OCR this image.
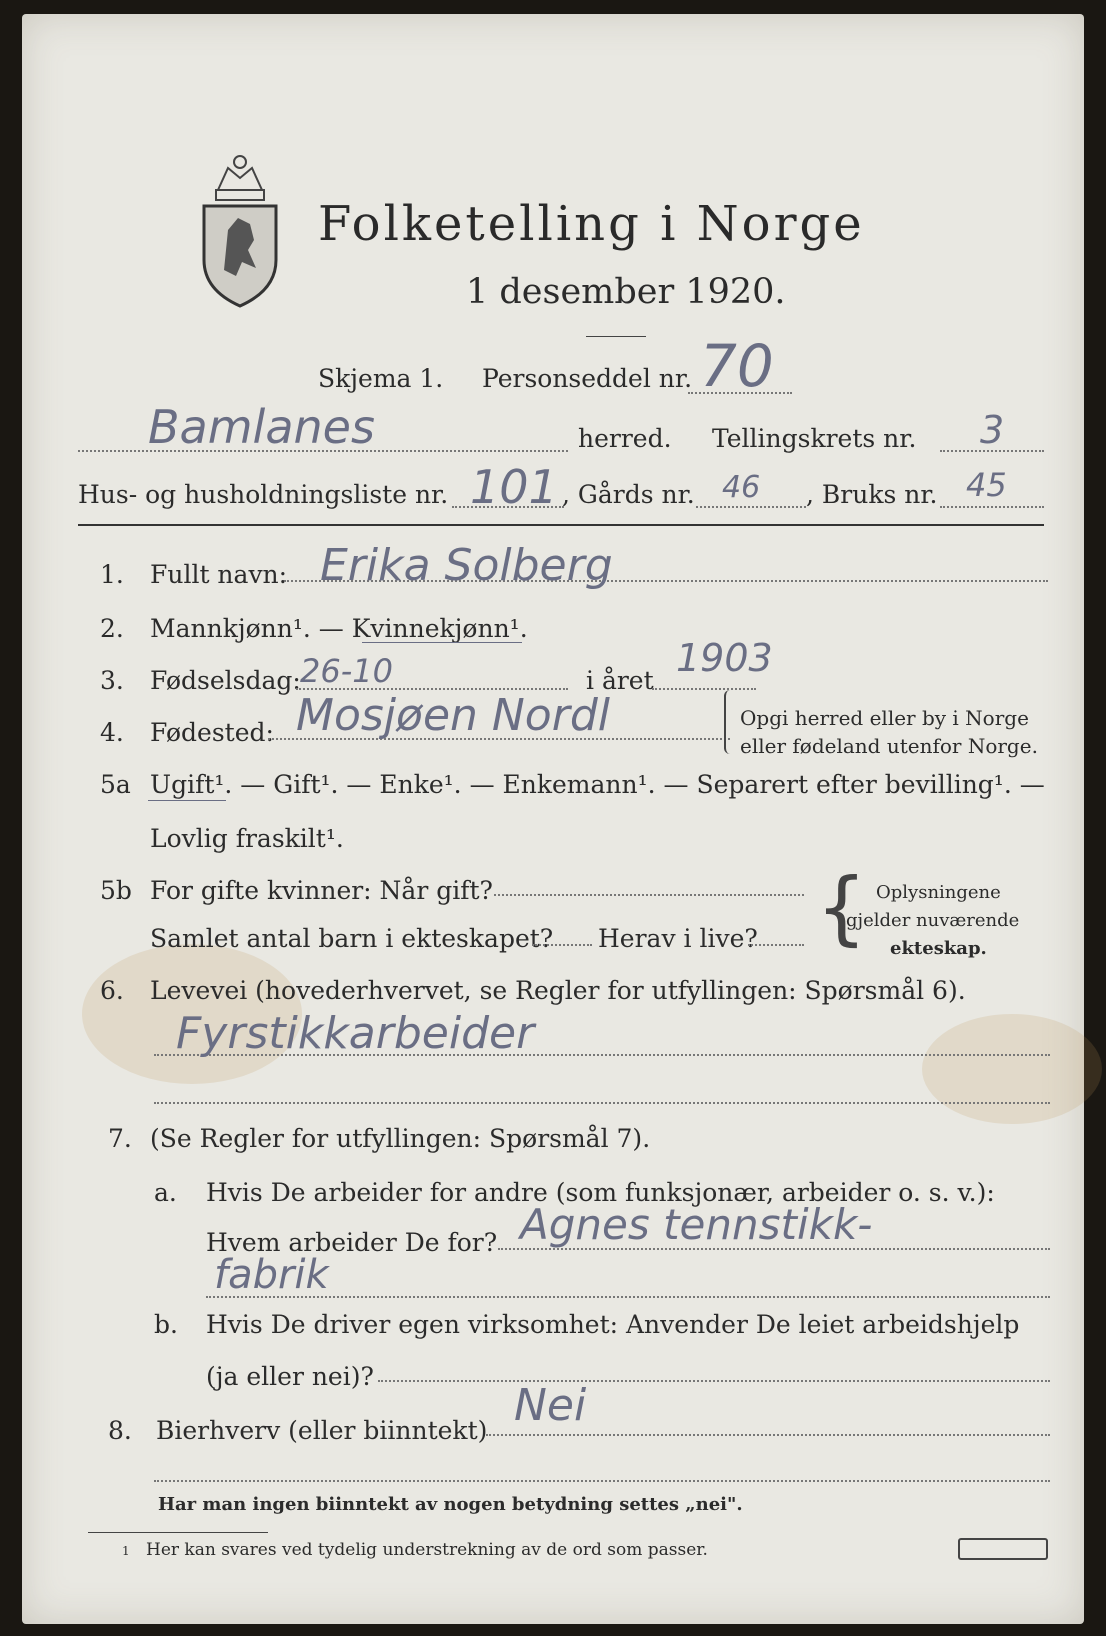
Folketelling i Norge
1 desember 1920.
Skjema 1. Personseddel nr. 70
Bamlanes	herred. Tellingskrets nr. 3
Hus- og husholdningsliste nr. 101 , Gårds nr. 46 , Bruks nr. 45
1. Fullt navn: Erika Solberg
2. Mannkjønn¹. — Kvinnekjønn¹.
3. Fødselsdag: 26-10	i året
1903
4. Fødested: Mosjøen Nordl	Opgi herred eller by i Norge
eller fødeland utenfor Norge.
5a Ugift¹. — Gift¹. — Enke¹. — Enkemann¹. — Separert efter bevilling¹. —
Lovlig fraskilt¹.
5b For gifte kvinner: Når gift?
Samlet antal barn i ekteskapet? Herav i live? { Oplysningene
gjelder nuværende
ekteskap.
6. Levevei (hovederhvervet, se Regler for utfyllingen: Spørsmål 6).
Fyrstikkarbeider
7. (Se Regler for utfyllingen: Spørsmål 7).
a. Hvis De arbeider for andre (som funksjonær, arbeider o. s. v.):
Hvem arbeider De for? Agnes tennstikk-
fabrik
b. Hvis De driver egen virksomhet: Anvender De leiet arbeidshjelp
(ja eller nei)?
8. Bierhverv (eller biinntekt) Nei
Har man ingen biinntekt av nogen betydning settes „nei".
1 Her kan svares ved tydelig understrekning av de ord som passer.
